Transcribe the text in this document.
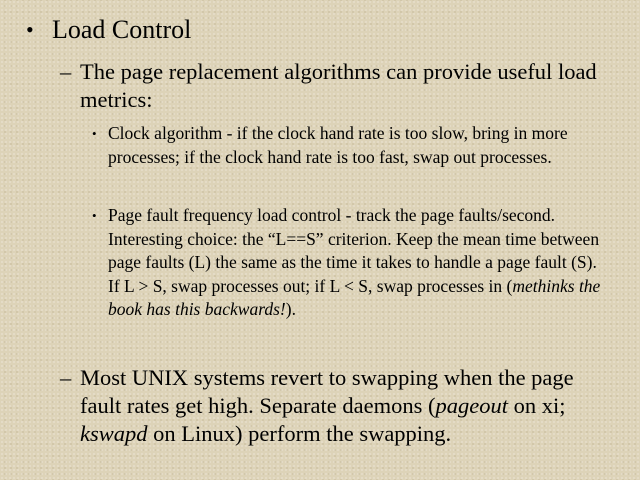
• Load Control
– The page replacement algorithms can provide useful load metrics:
• Clock algorithm - if the clock hand rate is too slow, bring in more processes; if the clock hand rate is too fast, swap out processes.
• Page fault frequency load control - track the page faults/second. Interesting choice: the “L==S” criterion. Keep the mean time between page faults (L) the same as the time it takes to handle a page fault (S). If L > S, swap processes out; if L < S, swap processes in (methinks the book has this backwards!).
– Most UNIX systems revert to swapping when the page fault rates get high. Separate daemons (pageout on xi; kswapd on Linux) perform the swapping.
